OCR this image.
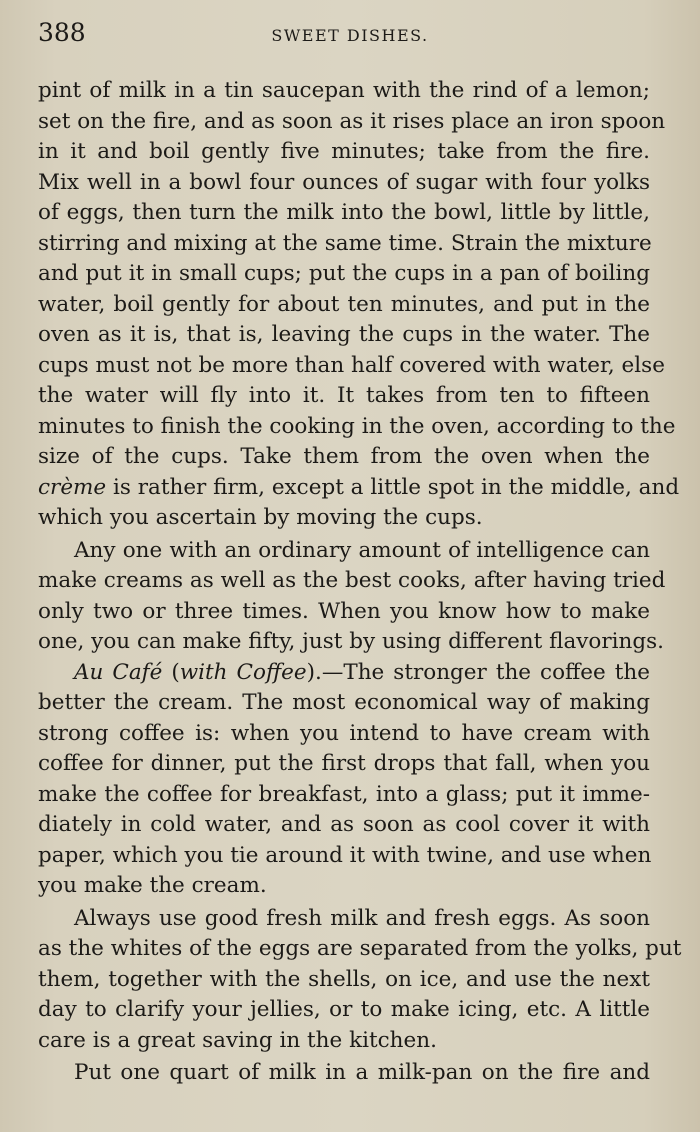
388	SWEET DISHES.
pint of milk in a tin saucepan with the rind of a lemon;
set on the fire, and as soon as it rises place an iron spoon
in it and boil gently five minutes; take from the fire.
Mix well in a bowl four ounces of sugar with four yolks
of eggs, then turn the milk into the bowl, little by little,
stirring and mixing at the same time. Strain the mixture
and put it in small cups; put the cups in a pan of boiling
water, boil gently for about ten minutes, and put in the
oven as it is, that is, leaving the cups in the water. The
cups must not be more than half covered with water, else
the water will fly into it. It takes from ten to fifteen
minutes to finish the cooking in the oven, according to the
size of the cups. Take them from the oven when the
crème is rather firm, except a little spot in the middle, and
which you ascertain by moving the cups.
Any one with an ordinary amount of intelligence can
make creams as well as the best cooks, after having tried
only two or three times. When you know how to make
one, you can make fifty, just by using different flavorings.
Au Café (with Coffee).—The stronger the coffee the
better the cream. The most economical way of making
strong coffee is: when you intend to have cream with
coffee for dinner, put the first drops that fall, when you
make the coffee for breakfast, into a glass; put it imme-
diately in cold water, and as soon as cool cover it with
paper, which you tie around it with twine, and use when
you make the cream.
Always use good fresh milk and fresh eggs. As soon
as the whites of the eggs are separated from the yolks, put
them, together with the shells, on ice, and use the next
day to clarify your jellies, or to make icing, etc. A little
care is a great saving in the kitchen.
Put one quart of milk in a milk-pan on the fire and
